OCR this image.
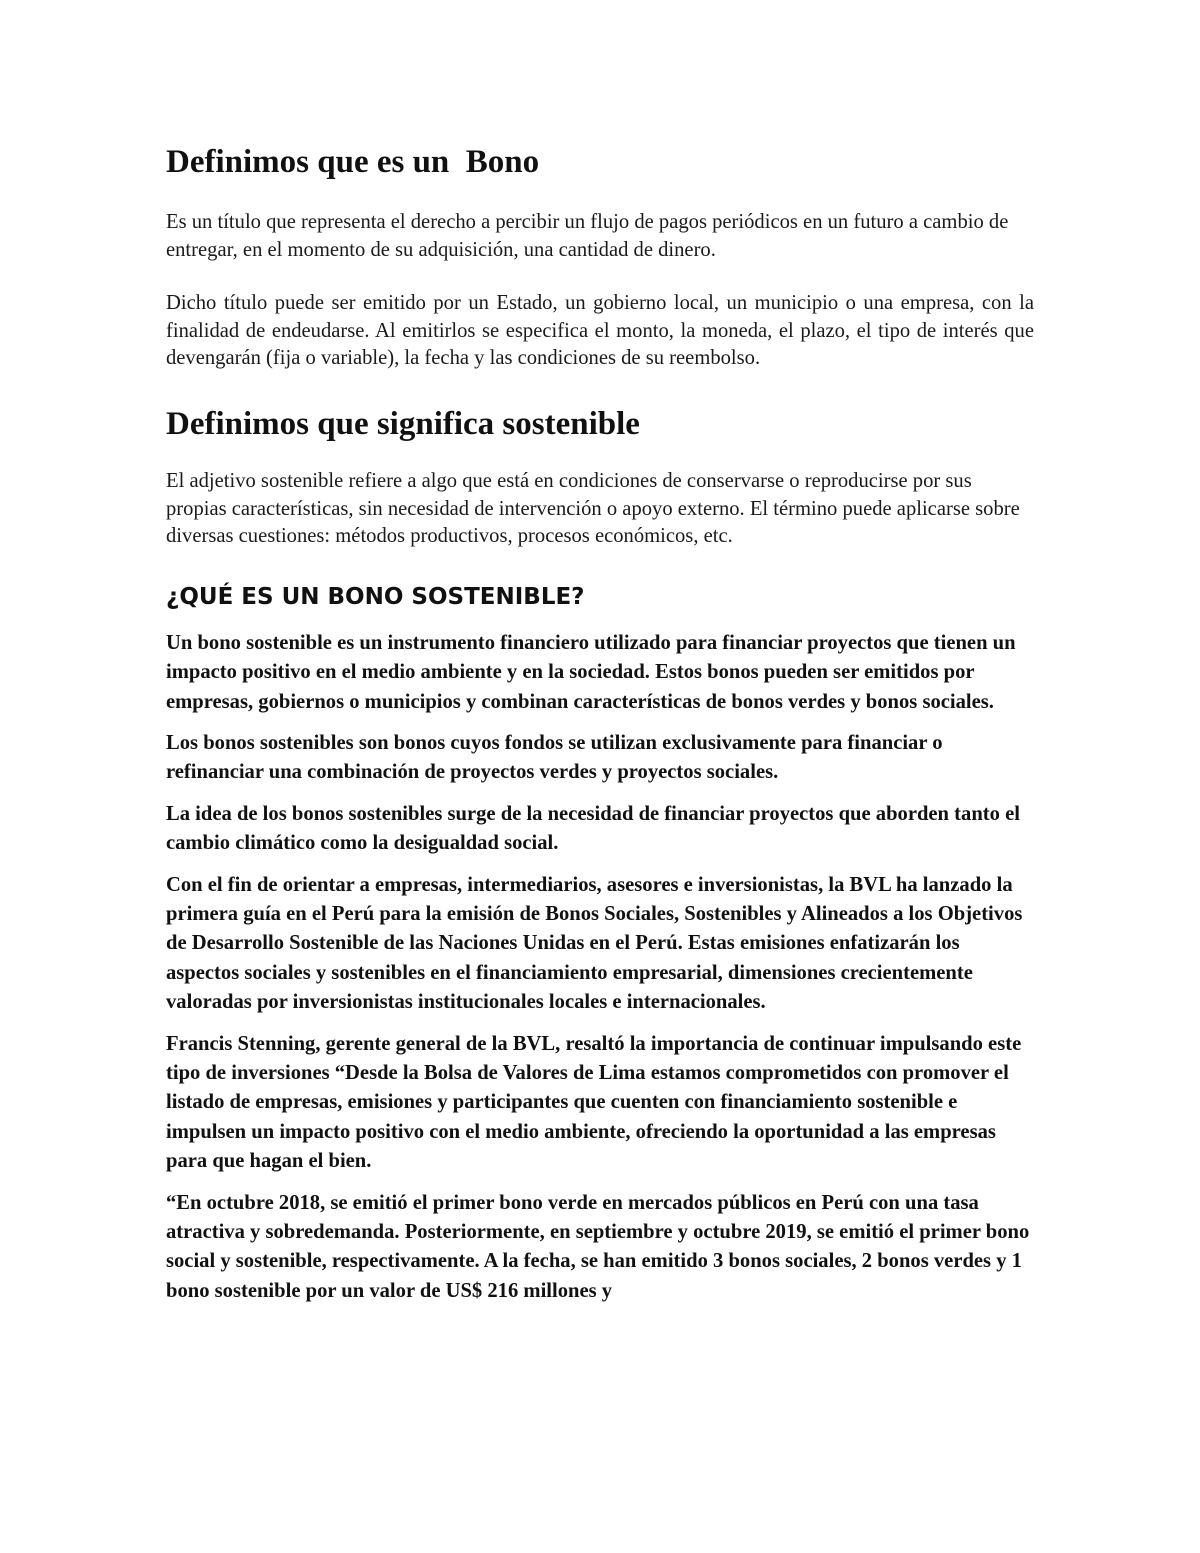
Definimos que es un  Bono

Es un título que representa el derecho a percibir un flujo de pagos periódicos en un futuro a cambio de entregar, en el momento de su adquisición, una cantidad de dinero.

Dicho título puede ser emitido por un Estado, un gobierno local, un municipio o una empresa, con la finalidad de endeudarse. Al emitirlos se especifica el monto, la moneda, el plazo, el tipo de interés que devengarán (fija o variable), la fecha y las condiciones de su reembolso.

Definimos que significa sostenible

El adjetivo sostenible refiere a algo que está en condiciones de conservarse o reproducirse por sus propias características, sin necesidad de intervención o apoyo externo. El término puede aplicarse sobre diversas cuestiones: métodos productivos, procesos económicos, etc.

¿QUÉ ES UN BONO SOSTENIBLE?

Un bono sostenible es un instrumento financiero utilizado para financiar proyectos que tienen un impacto positivo en el medio ambiente y en la sociedad. Estos bonos pueden ser emitidos por empresas, gobiernos o municipios y combinan características de bonos verdes y bonos sociales.

Los bonos sostenibles son bonos cuyos fondos se utilizan exclusivamente para financiar o refinanciar una combinación de proyectos verdes y proyectos sociales.

La idea de los bonos sostenibles surge de la necesidad de financiar proyectos que aborden tanto el cambio climático como la desigualdad social.

Con el fin de orientar a empresas, intermediarios, asesores e inversionistas, la BVL ha lanzado la primera guía en el Perú para la emisión de Bonos Sociales, Sostenibles y Alineados a los Objetivos de Desarrollo Sostenible de las Naciones Unidas en el Perú. Estas emisiones enfatizarán los aspectos sociales y sostenibles en el financiamiento empresarial, dimensiones crecientemente valoradas por inversionistas institucionales locales e internacionales.

Francis Stenning, gerente general de la BVL, resaltó la importancia de continuar impulsando este tipo de inversiones “Desde la Bolsa de Valores de Lima estamos comprometidos con promover el listado de empresas, emisiones y participantes que cuenten con financiamiento sostenible e impulsen un impacto positivo con el medio ambiente, ofreciendo la oportunidad a las empresas para que hagan el bien.

“En octubre 2018, se emitió el primer bono verde en mercados públicos en Perú con una tasa atractiva y sobredemanda. Posteriormente, en septiembre y octubre 2019, se emitió el primer bono social y sostenible, respectivamente. A la fecha, se han emitido 3 bonos sociales, 2 bonos verdes y 1 bono sostenible por un valor de US$ 216 millones y
